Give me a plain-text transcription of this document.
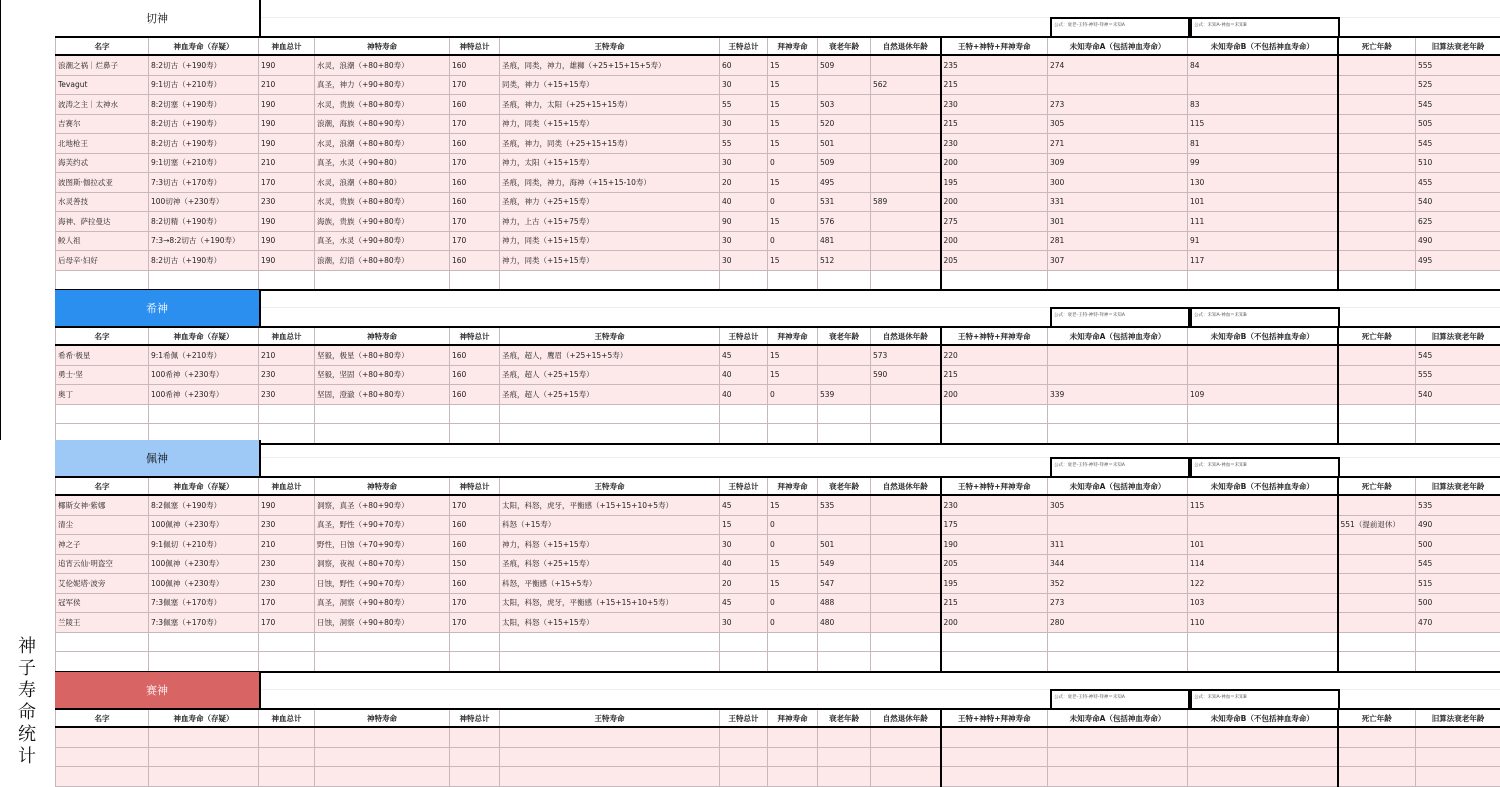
神子寿命统计
切神
公式：衰老-王特-神特-拜神＝未知A	公式：未知A-神血＝未知B
名字	神血寿命（存疑）	神血总计	神特寿命	神特总计	王特寿命	王特总计	拜神寿命	衰老年龄	自然退休年龄	王特+神特+拜神寿命	未知寿命A（包括神血寿命）	未知寿命B（不包括神血寿命）	死亡年龄	旧算法衰老年龄
浪潮之祸｜烂鼻子	8:2切古（+190寿）	190	水灵，浪潮（+80+80寿）	160	圣痕，同类，神力，雄狮（+25+15+15+5寿）	60	15	509		235	274	84		555
Tevagut	9:1切古（+210寿）	210	真圣，神力（+90+80寿）	170	同类，神力（+15+15寿）	30	15		562	215				525
波涛之主｜太神水	8:2切塞（+190寿）	190	水灵，贵族（+80+80寿）	160	圣痕，神力，太阳（+25+15+15寿）	55	15	503		230	273	83		545
吉赛尔	8:2切古（+190寿）	190	浪潮，海族（+80+90寿）	170	神力，同类（+15+15寿）	30	15	520		215	305	115		505
北地枪王	8:2切古（+190寿）	190	水灵，浪潮（+80+80寿）	160	圣痕，神力，同类（+25+15+15寿）	55	15	501		230	271	81		545
海芙约忒	9:1切塞（+210寿）	210	真圣，水灵（+90+80）	170	神力，太阳（+15+15寿）	30	0	509		200	309	99		510
波图斯·伽拉忒亚	7:3切古（+170寿）	170	水灵，浪潮（+80+80）	160	圣痕，同类，神力，海神（+15+15-10寿）	20	15	495		195	300	130		455
水灵善技	100切神（+230寿）	230	水灵，贵族（+80+80寿）	160	圣痕，神力（+25+15寿）	40	0	531	589	200	331	101		540
海神、萨拉曼达	8:2切精（+190寿）	190	海族，贵族（+90+80寿）	170	神力，上古（+15+75寿）	90	15	576		275	301	111		625
鲛人祖	7:3→8:2切古（+190寿）	190	真圣，水灵（+90+80寿）	170	神力，同类（+15+15寿）	30	0	481		200	281	91		490
后母辛·妇好	8:2切古（+190寿）	190	浪潮，幻语（+80+80寿）	160	神力，同类（+15+15寿）	30	15	512		205	307	117		495

希神
公式：衰老-王特-神特-拜神＝未知A	公式：未知A-神血＝未知B
名字	神血寿命（存疑）	神血总计	神特寿命	神特总计	王特寿命	王特总计	拜神寿命	衰老年龄	自然退休年龄	王特+神特+拜神寿命	未知寿命A（包括神血寿命）	未知寿命B（不包括神血寿命）	死亡年龄	旧算法衰老年龄
希希·极星	9:1希佩（+210寿）	210	坚毅，极星（+80+80寿）	160	圣痕，超人，鹰眉（+25+15+5寿）	45	15		573	220				545
勇士·坚	100希神（+230寿）	230	坚毅，坚固（+80+80寿）	160	圣痕，超人（+25+15寿）	40	15		590	215				555
奥丁	100希神（+230寿）	230	坚固，澄澈（+80+80寿）	160	圣痕，超人（+25+15寿）	40	0	539		200	339	109		540

佩神
公式：衰老-王特-神特-拜神＝未知A	公式：未知A-神血＝未知B
名字	神血寿命（存疑）	神血总计	神特寿命	神特总计	王特寿命	王特总计	拜神寿命	衰老年龄	自然退休年龄	王特+神特+拜神寿命	未知寿命A（包括神血寿命）	未知寿命B（不包括神血寿命）	死亡年龄	旧算法衰老年龄
椰斯女神·紫娜	8:2佩塞（+190寿）	190	洞察，真圣（+80+90寿）	170	太阳，科怒，虎牙，平衡感（+15+15+10+5寿）	45	15	535		230	305	115		535
清尘	100佩神（+230寿）	230	真圣，野性（+90+70寿）	160	科怒（+15寿）	15	0			175			551（提前退休）	490
神之子	9:1佩切（+210寿）	210	野性，日蚀（+70+90寿）	160	神力，科怒（+15+15寿）	30	0	501		190	311	101		500
追宵云仙·明盗空	100佩神（+230寿）	230	洞察，夜视（+80+70寿）	150	圣痕，科怒（+25+15寿）	40	15	549		205	344	114		545
艾伦妮塔·波旁	100佩神（+230寿）	230	日蚀，野性（+90+70寿）	160	科怒，平衡感（+15+5寿）	20	15	547		195	352	122		515
冠军侯	7:3佩塞（+170寿）	170	真圣，洞察（+90+80寿）	170	太阳，科怒，虎牙，平衡感（+15+15+10+5寿）	45	0	488		215	273	103		500
兰陵王	7:3佩塞（+170寿）	170	日蚀，洞察（+90+80寿）	170	太阳，科怒（+15+15寿）	30	0	480		200	280	110		470

赛神
公式：衰老-王特-神特-拜神＝未知A	公式：未知A-神血＝未知B
名字	神血寿命（存疑）	神血总计	神特寿命	神特总计	王特寿命	王特总计	拜神寿命	衰老年龄	自然退休年龄	王特+神特+拜神寿命	未知寿命A（包括神血寿命）	未知寿命B（不包括神血寿命）	死亡年龄	旧算法衰老年龄
